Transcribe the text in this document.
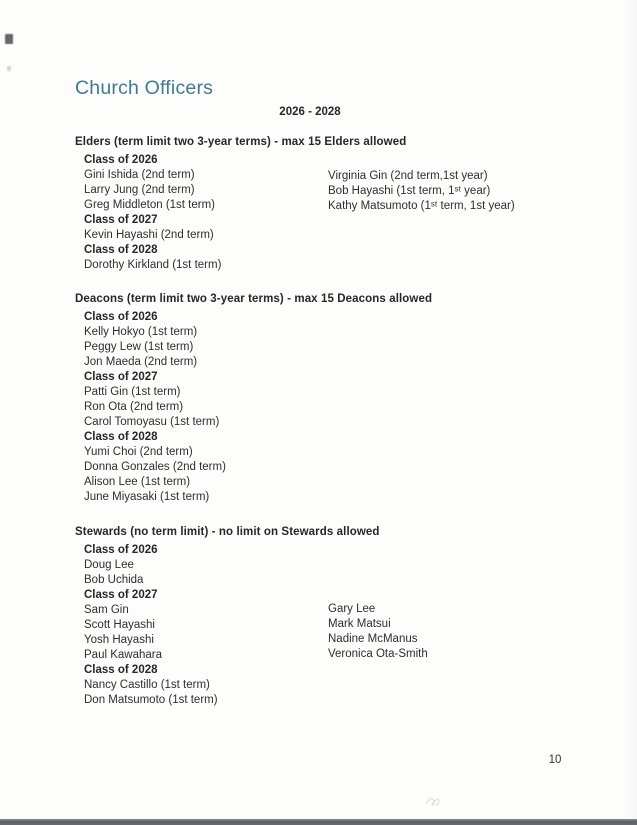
Church Officers
2026 - 2028
Elders (term limit two 3-year terms) - max 15 Elders allowed
Class of 2026
Gini Ishida (2nd term)
Larry Jung (2nd term)
Greg Middleton (1st term)
Class of 2027
Kevin Hayashi (2nd term)
Class of 2028
Dorothy Kirkland (1st term)
Virginia Gin (2nd term,1st year)
Bob Hayashi (1st term, 1ˢᵗ year)
Kathy Matsumoto (1ˢᵗ term, 1st year)
Deacons (term limit two 3-year terms) - max 15 Deacons allowed
Class of 2026
Kelly Hokyo (1st term)
Peggy Lew (1st term)
Jon Maeda (2nd term)
Class of 2027
Patti Gin (1st term)
Ron Ota (2nd term)
Carol Tomoyasu (1st term)
Class of 2028
Yumi Choi (2nd term)
Donna Gonzales (2nd term)
Alison Lee (1st term)
June Miyasaki (1st term)
Stewards (no term limit) - no limit on Stewards allowed
Class of 2026
Doug Lee
Bob Uchida
Class of 2027
Sam Gin
Scott Hayashi
Yosh Hayashi
Paul Kawahara
Class of 2028
Nancy Castillo (1st term)
Don Matsumoto (1st term)
Gary Lee
Mark Matsui
Nadine McManus
Veronica Ota-Smith
10
